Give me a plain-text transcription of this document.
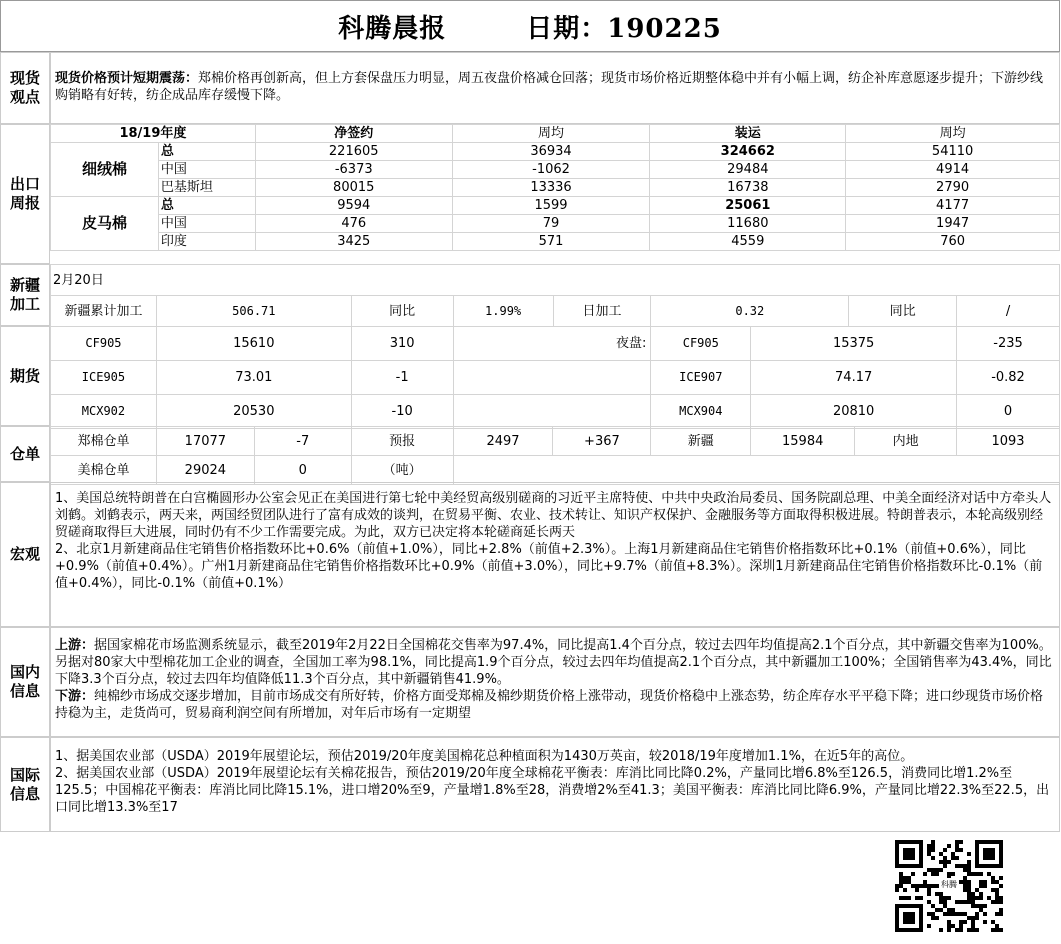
科腾晨报	日期：190225
现货
观点
现货价格预计短期震荡：郑棉价格再创新高，但上方套保盘压力明显，周五夜盘价格减仓回落；现货市场价格近期整体稳中并有小幅上调，纺企补库意愿逐步提升；下游纱线购销略有好转，纺企成品库存缓慢下降。
出口
周报
18/19年度		净签约	周均	装运	周均
细绒棉	总	221605	36934	324662	54110
	中国	-6373	-1062	29484	4914
	巴基斯坦	80015	13336	16738	2790
皮马棉	总	9594	1599	25061	4177
	中国	476	79	11680	1947
	印度	3425	571	4559	760
新疆
加工
2月20日
新疆累计加工	506.71	同比	1.99%	日加工	0.32	同比	/
期货
CF905	15610	310		夜盘:	CF905	15375	-235
ICE905	73.01	-1			ICE907	74.17	-0.82
MCX902	20530	-10			MCX904	20810	0
仓单
郑棉仓单	17077	-7	预报	2497	+367	新疆	15984	内地	1093
美棉仓单	29024	0	（吨）						
宏观
1、美国总统特朗普在白宫椭圆形办公室会见正在美国进行第七轮中美经贸高级别磋商的习近平主席特使、中共中央政治局委员、国务院副总理、中美全面经济对话中方牵头人刘鹤。刘鹤表示，两天来，两国经贸团队进行了富有成效的谈判，在贸易平衡、农业、技术转让、知识产权保护、金融服务等方面取得积极进展。特朗普表示，本轮高级别经贸磋商取得巨大进展，同时仍有不少工作需要完成。为此，双方已决定将本轮磋商延长两天
2、北京1月新建商品住宅销售价格指数环比+0.6%（前值+1.0%），同比+2.8%（前值+2.3%）。上海1月新建商品住宅销售价格指数环比+0.1%（前值+0.6%），同比+0.9%（前值+0.4%）。广州1月新建商品住宅销售价格指数环比+0.9%（前值+3.0%），同比+9.7%（前值+8.3%）。深圳1月新建商品住宅销售价格指数环比-0.1%（前值+0.4%），同比-0.1%（前值+0.1%）
国内
信息
上游：据国家棉花市场监测系统显示，截至2019年2月22日全国棉花交售率为97.4%，同比提高1.4个百分点，较过去四年均值提高2.1个百分点，其中新疆交售率为100%。另据对80家大中型棉花加工企业的调查，全国加工率为98.1%，同比提高1.9个百分点，较过去四年均值提高2.1个百分点，其中新疆加工100%；全国销售率为43.4%，同比下降3.3个百分点，较过去四年均值降低11.3个百分点，其中新疆销售41.9%。
下游：纯棉纱市场成交逐步增加，目前市场成交有所好转，价格方面受郑棉及棉纱期货价格上涨带动，现货价格稳中上涨态势，纺企库存水平平稳下降；进口纱现货市场价格持稳为主，走货尚可，贸易商利润空间有所增加，对年后市场有一定期望
国际
信息
1、据美国农业部（USDA）2019年展望论坛，预估2019/20年度美国棉花总种植面积为1430万英亩，较2018/19年度增加1.1%，在近5年的高位。
2、据美国农业部（USDA）2019年展望论坛有关棉花报告，预估2019/20年度全球棉花平衡表：库消比同比降0.2%，产量同比增6.8%至126.5，消费同比增1.2%至125.5；中国棉花平衡表：库消比同比降15.1%，进口增20%至9，产量增1.8%至28，消费增2%至41.3；美国平衡表：库消比同比降6.9%，产量同比增22.3%至22.5，出口同比增13.3%至17
科腾
